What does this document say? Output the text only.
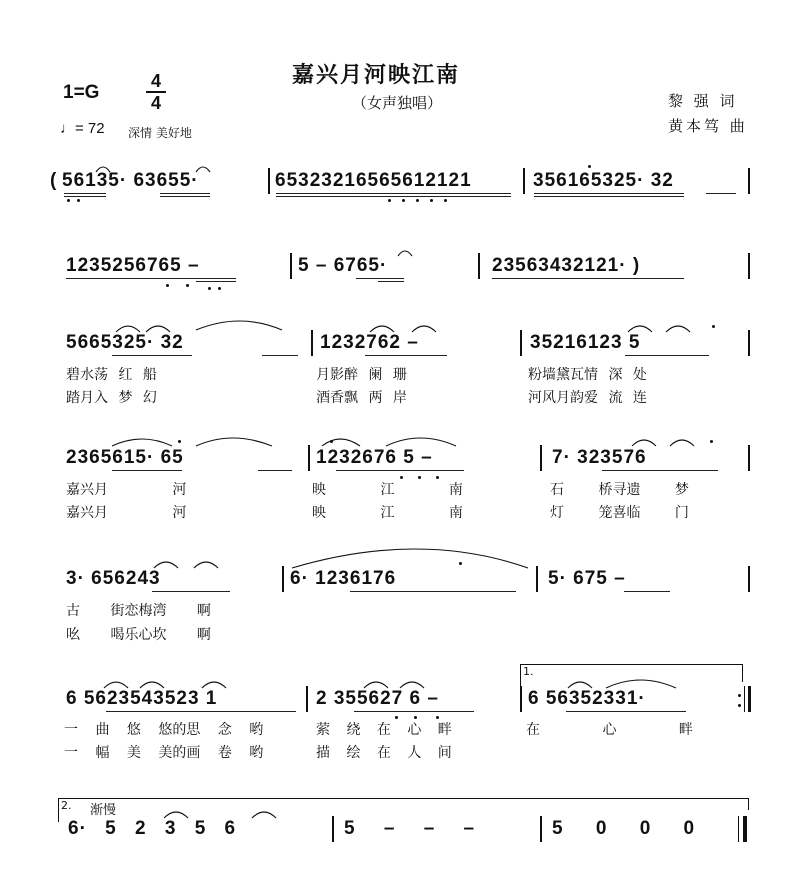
嘉兴月河映江南
（女声独唱）
1=G
4
4
♩= 72 深情 美好地
黎 强 词
黄本笃 曲
( 56135· 63655·	65323216565612121	356165325· 32
1235256765 –	5 – 6765·	23563432121· )
5665325· 32	1232762 –	35216123 5
碧水荡 红 船	月影醉 阑 珊	粉墙黛瓦情 深 处
踏月入 梦 幻	酒香飘 两 岸	河风月韵爱 流 连
2365615· 65	1232676 5 –	7· 323576
嘉兴月 河	映 江 南	石 桥寻遗 梦
嘉兴月 河	映 江 南	灯 笼喜临 门
3· 656243	6· 1236176	5· 675 –
古 街恋梅湾 啊
吆 喝乐心坎 啊
1.
6 5623543523 1	2 355627 6 –	6 56352331·
一 曲 悠 悠的思 念 哟	萦 绕 在 心 畔	在 心 畔
一 幅 美 美的画 卷 哟	描 绘 在 人 间
2. 渐慢
6· 5 2 3 5 6	5 – – –	5 0 0 0
